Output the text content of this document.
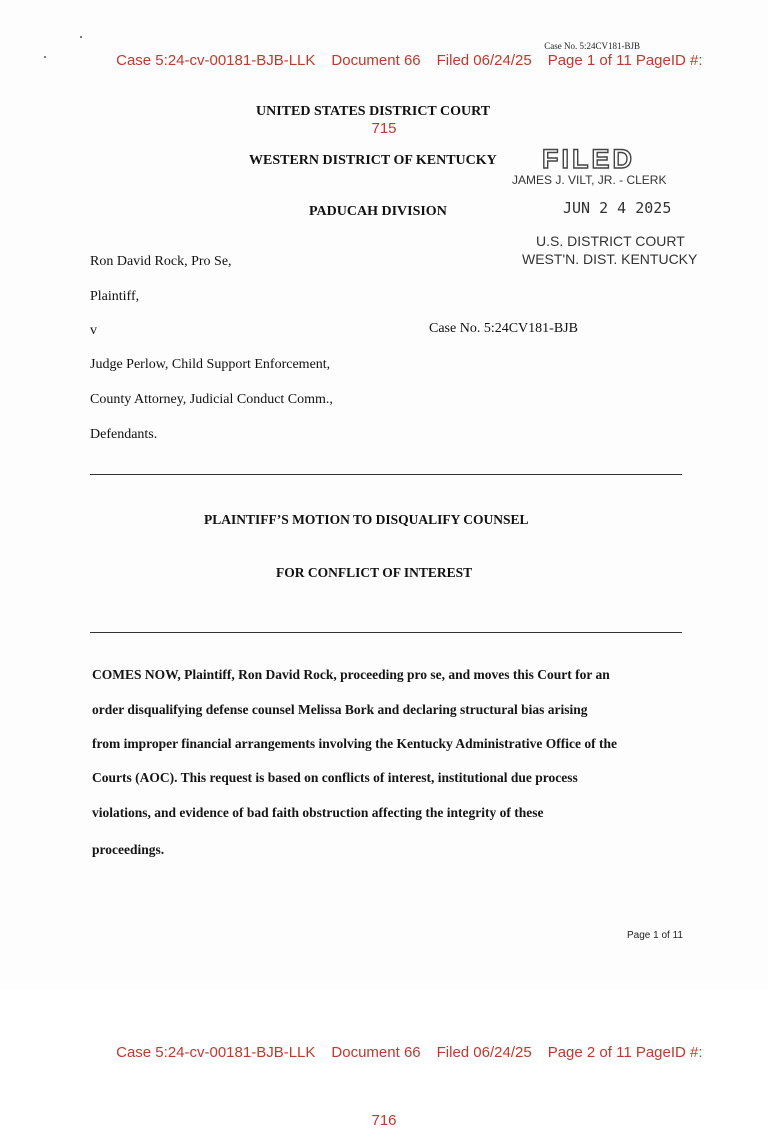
Case 5:24-cv-00181-BJB-LLK Document 66 Filed 06/24/25 Page 1 of 11 PageID #:

715

Case No. 5:24CV181-BJB
UNITED STATES DISTRICT COURT
WESTERN DISTRICT OF KENTUCKY
PADUCAH DIVISION
FILED
JAMES J. VILT, JR. - CLERK
JUN 2 4 2025
U.S. DISTRICT COURT
WEST'N. DIST. KENTUCKY
Ron David Rock, Pro Se,
Plaintiff,
v	Case No. 5:24CV181-BJB
Judge Perlow, Child Support Enforcement,
County Attorney, Judicial Conduct Comm.,
Defendants.
PLAINTIFF’S MOTION TO DISQUALIFY COUNSEL
FOR CONFLICT OF INTEREST
COMES NOW, Plaintiff, Ron David Rock, proceeding pro se, and moves this Court for an
order disqualifying defense counsel Melissa Bork and declaring structural bias arising
from improper financial arrangements involving the Kentucky Administrative Office of the
Courts (AOC). This request is based on conflicts of interest, institutional due process
violations, and evidence of bad faith obstruction affecting the integrity of these
proceedings.
Page 1 of 11

Case 5:24-cv-00181-BJB-LLK Document 66 Filed 06/24/25 Page 2 of 11 PageID #:

716
